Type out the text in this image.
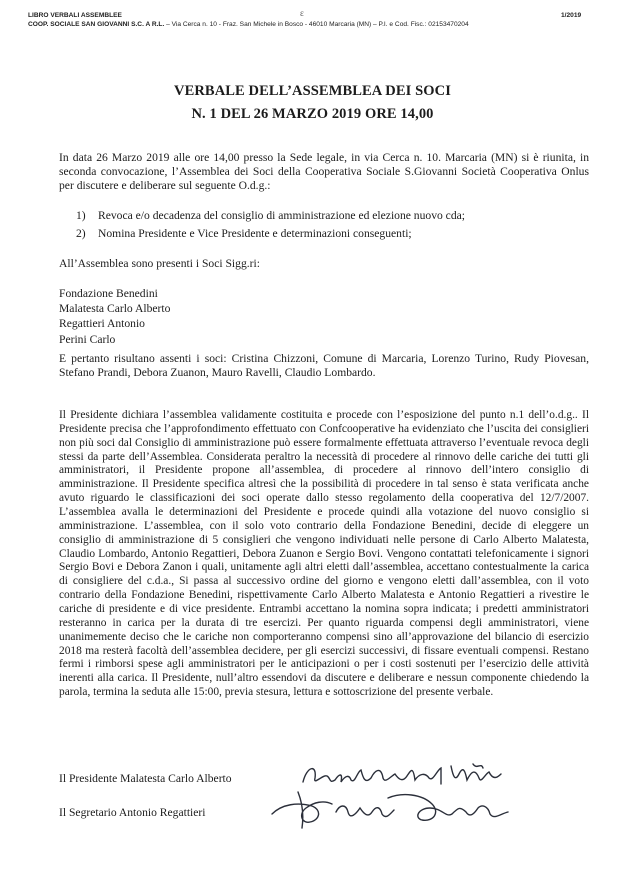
LIBRO VERBALI ASSEMBLEE
COOP. SOCIALE SAN GIOVANNI S.C. A R.L. – Via Cerca n. 10 - Fraz. San Michele in Bosco - 46010 Marcaria (MN) – P.I. e Cod. Fisc.: 02153470204
ε	1/2019
VERBALE DELL’ASSEMBLEA DEI SOCI
N. 1 DEL 26 MARZO 2019 ORE 14,00

In data 26 Marzo 2019 alle ore 14,00 presso la Sede legale, in via Cerca n. 10. Marcaria (MN) si è riunita, in seconda convocazione, l’Assemblea dei Soci della Cooperativa Sociale S.Giovanni Società Cooperativa Onlus per discutere e deliberare sul seguente O.d.g.:

1)	Revoca e/o decadenza del consiglio di amministrazione ed elezione nuovo cda;
2)	Nomina Presidente e Vice Presidente e determinazioni conseguenti;

All’Assemblea sono presenti i Soci Sigg.ri:

Fondazione Benedini
Malatesta Carlo Alberto
Regattieri Antonio
Perini Carlo

E pertanto risultano assenti i soci: Cristina Chizzoni, Comune di Marcaria, Lorenzo Turino, Rudy Piovesan, Stefano Prandi, Debora Zuanon, Mauro Ravelli, Claudio Lombardo.

Il Presidente dichiara l’assemblea validamente costituita e procede con l’esposizione del punto n.1 dell’o.d.g.. Il Presidente precisa che l’approfondimento effettuato con Confcooperative ha evidenziato che l’uscita dei consiglieri non più soci dal Consiglio di amministrazione può essere formalmente effettuata attraverso l’eventuale revoca degli stessi da parte dell’Assemblea. Considerata peraltro la necessità di procedere al rinnovo delle cariche dei tutti gli amministratori, il Presidente propone all’assemblea, di procedere al rinnovo dell’intero consiglio di amministrazione. Il Presidente specifica altresì che la possibilità di procedere in tal senso è stata verificata anche avuto riguardo le classificazioni dei soci operate dallo stesso regolamento della cooperativa del 12/7/2007. L’assemblea avalla le determinazioni del Presidente e procede quindi alla votazione del nuovo consiglio si amministrazione. L’assemblea, con il solo voto contrario della Fondazione Benedini, decide di eleggere un consiglio di amministrazione di 5 consiglieri che vengono individuati nelle persone di Carlo Alberto Malatesta, Claudio Lombardo, Antonio Regattieri, Debora Zuanon e Sergio Bovi. Vengono contattati telefonicamente i signori Sergio Bovi e Debora Zanon i quali, unitamente agli altri eletti dall’assemblea, accettano contestualmente la carica di consigliere del c.d.a., Si passa al successivo ordine del giorno e vengono eletti dall’assemblea, con il voto contrario della Fondazione Benedini, rispettivamente Carlo Alberto Malatesta e Antonio Regattieri a rivestire le cariche di presidente e di vice presidente. Entrambi accettano la nomina sopra indicata; i predetti amministratori resteranno in carica per la durata di tre esercizi. Per quanto riguarda compensi degli amministratori, viene unanimemente deciso che le cariche non comporteranno compensi sino all’approvazione del bilancio di esercizio 2018 ma resterà facoltà dell’assemblea decidere, per gli esercizi successivi, di fissare eventuali compensi. Restano fermi i rimborsi spese agli amministratori per le anticipazioni o per i costi sostenuti per l’esercizio delle attività inerenti alla carica. Il Presidente, null’altro essendovi da discutere e deliberare e nessun componente chiedendo la parola, termina la seduta alle 15:00, previa stesura, lettura e sottoscrizione del presente verbale.

Il Presidente Malatesta Carlo Alberto
Il Segretario Antonio Regattieri
